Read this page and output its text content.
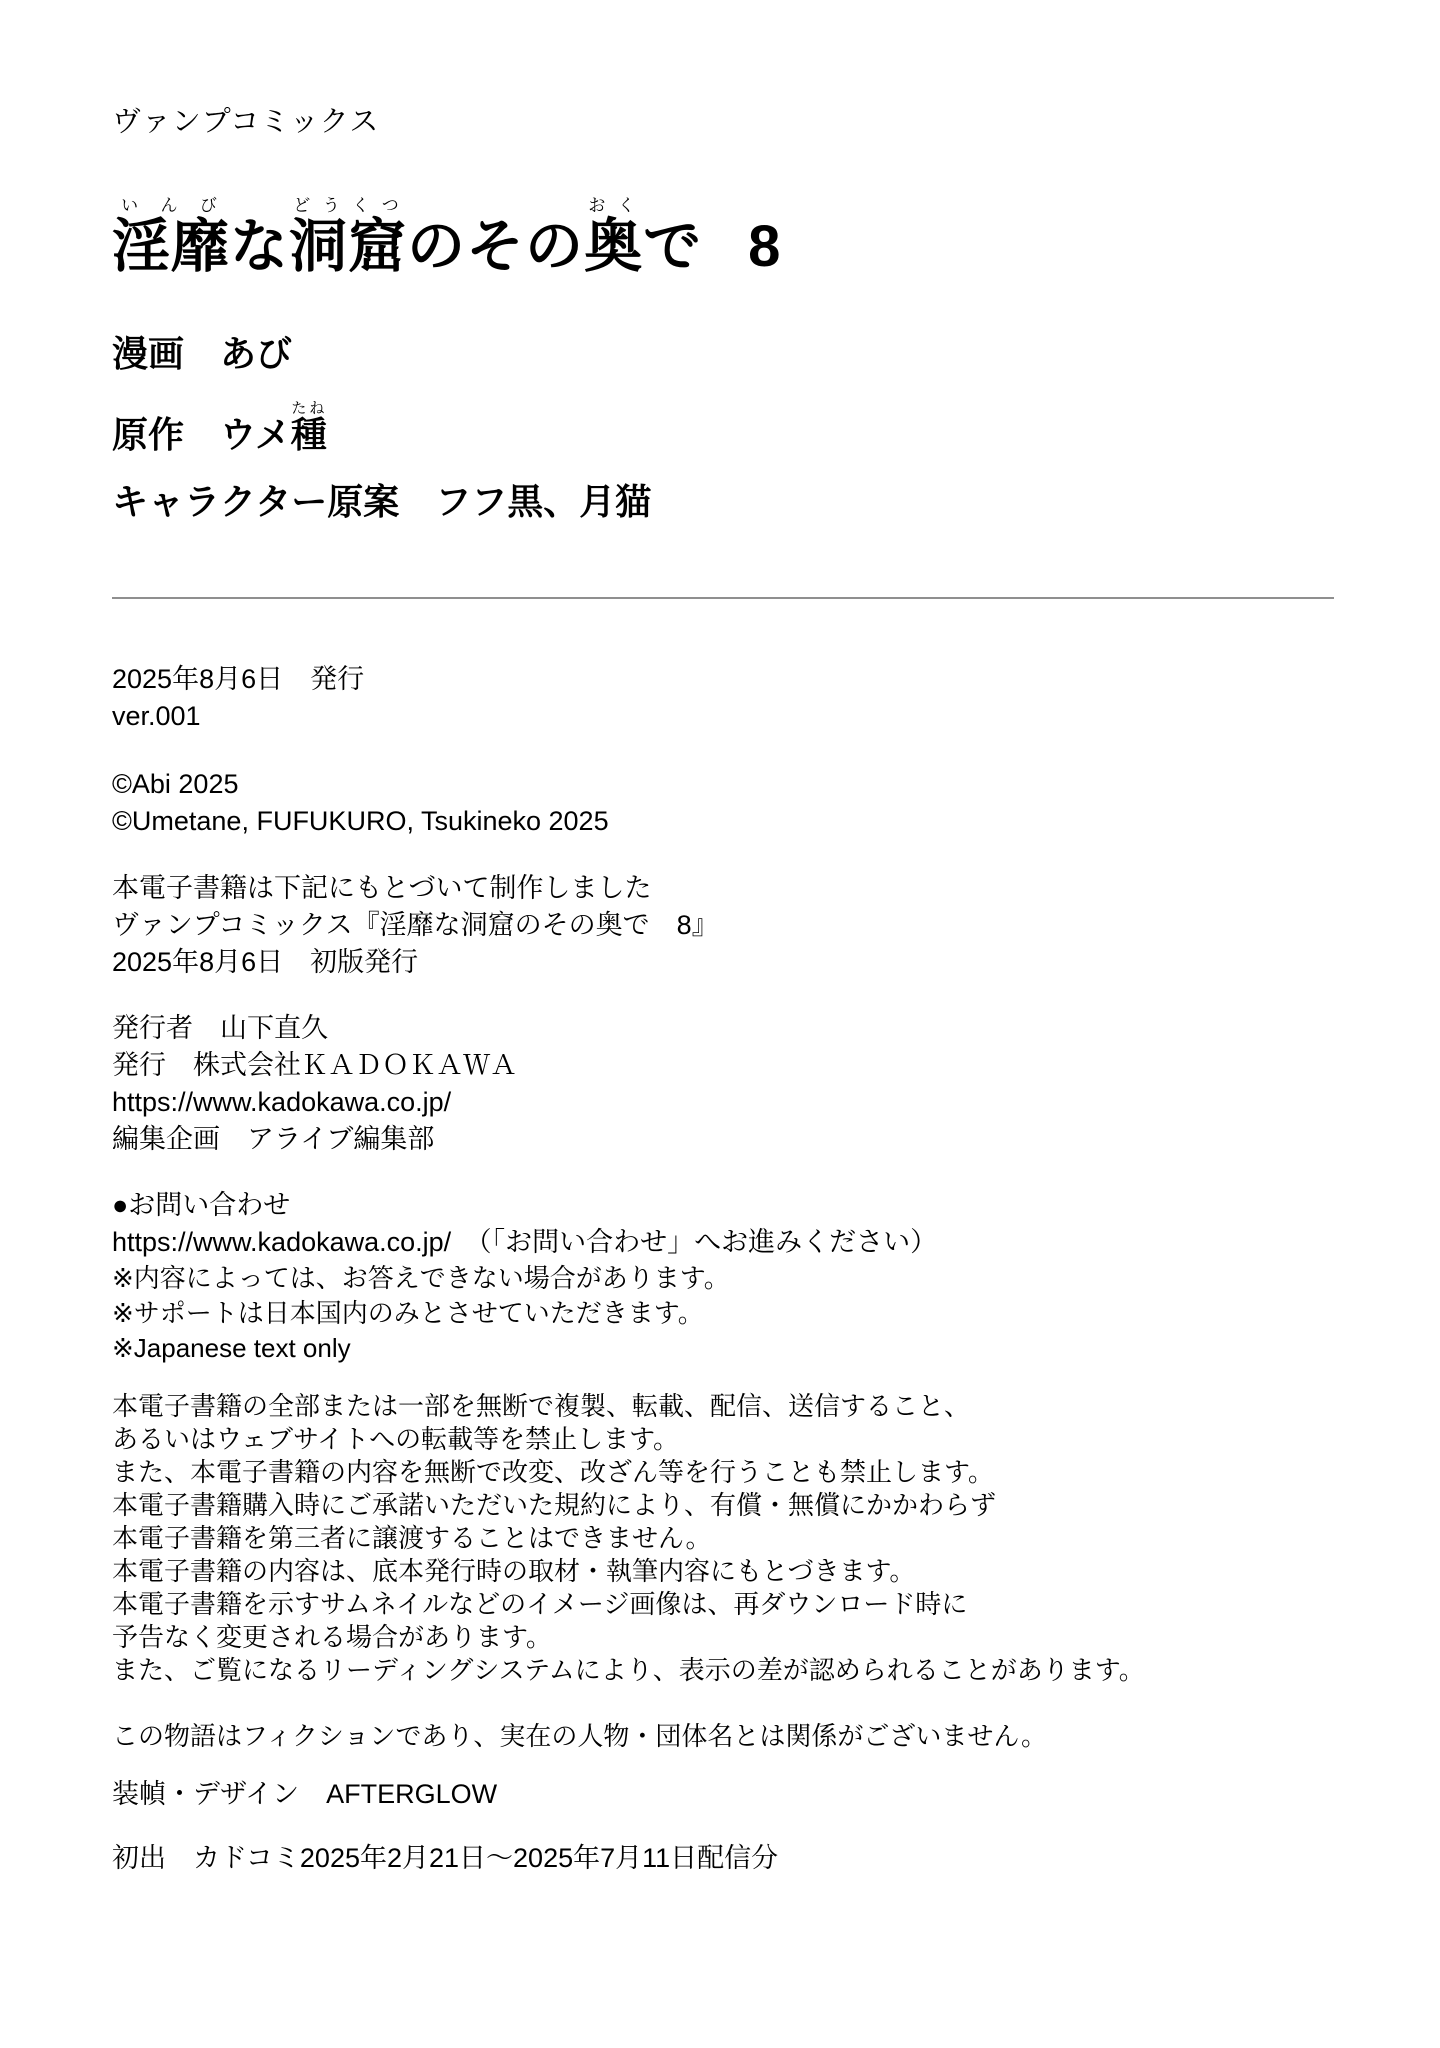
ヴァンプコミックス
淫靡いんびな洞窟どうくつのその奥おくで 8
漫画　あび
原作　ウメ種たね
キャラクター原案　フフ黒、月猫

2025年8月6日　発行

ver.001

©Abi 2025

©Umetane, FUFUKURO, Tsukineko 2025

本電子書籍は下記にもとづいて制作しました

ヴァンプコミックス『淫靡な洞窟のその奥で　8』

2025年8月6日　初版発行

発行者　山下直久

発行　株式会社ＫＡＤＯＫＡＷＡ

https://www.kadokawa.co.jp/

編集企画　アライブ編集部

●お問い合わせ

https://www.kadokawa.co.jp/　（「お問い合わせ」へお進みください）

※内容によっては、お答えできない場合があります。

※サポートは日本国内のみとさせていただきます。

※Japanese text only

本電子書籍の全部または一部を無断で複製、転載、配信、送信すること、

あるいはウェブサイトへの転載等を禁止します。

また、本電子書籍の内容を無断で改変、改ざん等を行うことも禁止します。

本電子書籍購入時にご承諾いただいた規約により、有償・無償にかかわらず

本電子書籍を第三者に譲渡することはできません。

本電子書籍の内容は、底本発行時の取材・執筆内容にもとづきます。

本電子書籍を示すサムネイルなどのイメージ画像は、再ダウンロード時に

予告なく変更される場合があります。

また、ご覧になるリーディングシステムにより、表示の差が認められることがあります。

この物語はフィクションであり、実在の人物・団体名とは関係がございません。

装幀・デザイン　AFTERGLOW

初出　カドコミ2025年2月21日～2025年7月11日配信分
